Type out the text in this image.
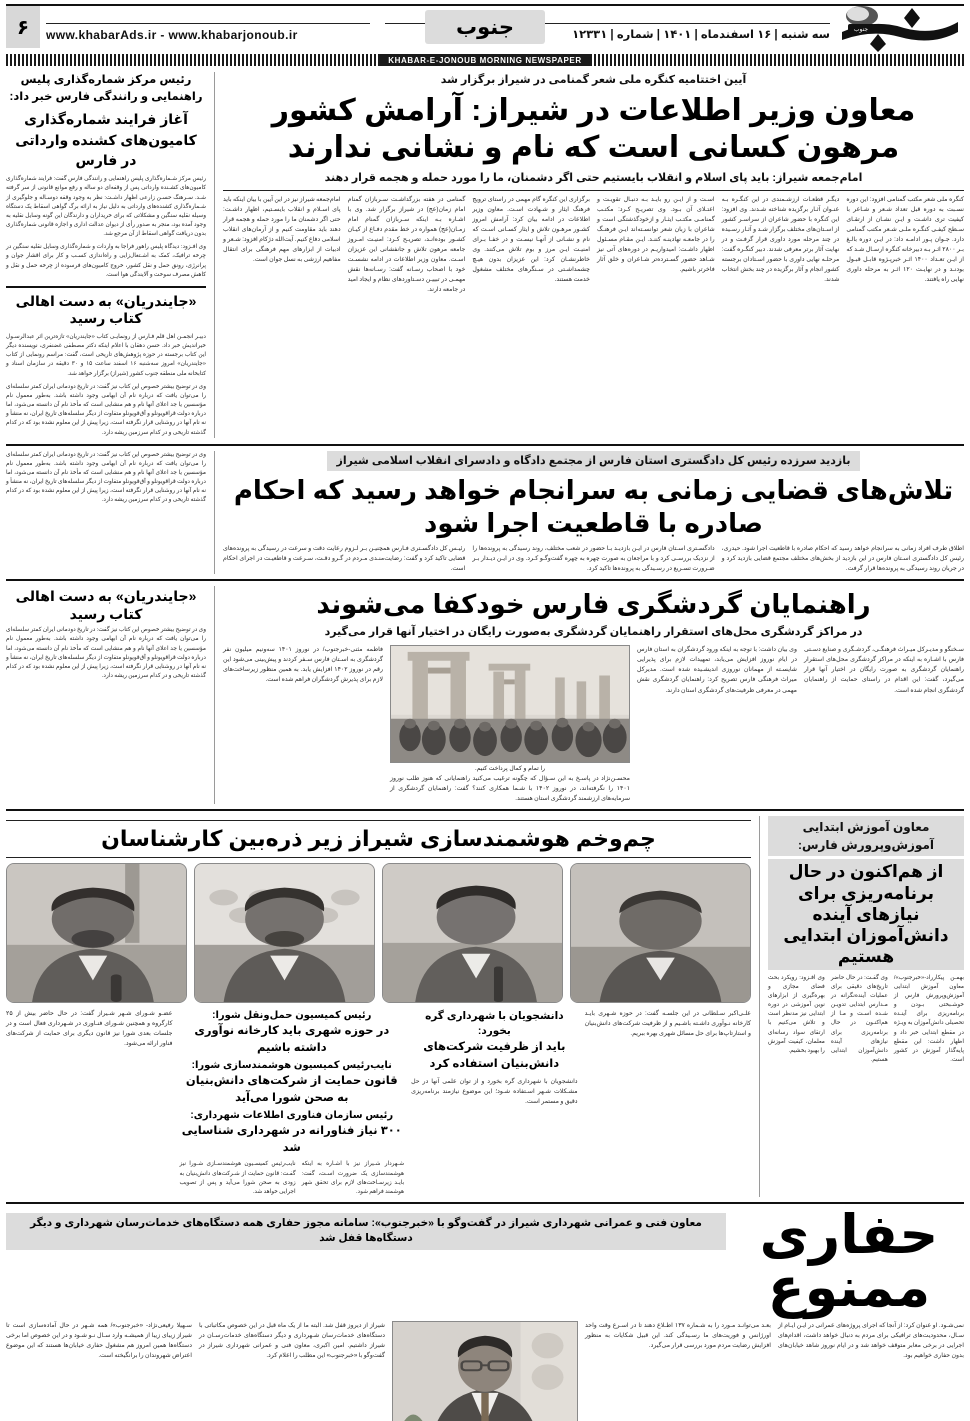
جنوب
سه شنبه | ۱۶ اسفندماه | ۱۴۰۱ | شماره | ۱۲۳۳۱
جنوب
www.khabarAds.ir - www.khabarjonoub.ir
۶
KHABAR-E-JONOUB MORNING NEWSPAPER
آیین اختتامیه کنگره ملی شعر گمنامی در شیراز برگزار شد
معاون وزیر اطلاعات در شیراز: آرامش کشور مرهون کسانی است که نام و نشانی ندارند
امام‌جمعه شیراز: باید پای اسلام و انقلاب بایستیم حتی اگر دشمنان، ما را مورد حمله و هجمه قرار دهند
کنگره ملی شعر مکتب گمنامی افزود: این دوره نسـبت به دوره قبل تعداد شـعر و شـاعر با کیفیت تری داشـت و ایـن نشـان از ارتقـای سـطح کیفـی کنگـره ملـی شـعر مکتب گمنامی دارد. جـوان پـور ادامـه داد: در ایـن دوره بالـغ بـر ۲۸۰۰ اثـر بـه دبیرخانه کنگره ارسـال شـد که از ایـن تعـداد ۱۴۰۰ اثـر خبرپـژوه قابـل قبـول بودنـد و در نهایـت ۱۲۰ اثـر به مرحله داوری نهایی راه یافتند.
دیگـر قطعـات ارزشـمندی در این کنگـره بـه عنـوان آثـار برگزیده شناخته شـدند. وی افزود: این کنگره با حضور شاعران از سراسـر کشور از اسـتان‌های مختلف برگزار شـد و آثـار رسـیده در چند مرحله مورد داوری قرار گرفـت و در نهایت آثار برتر معرفی شدند. دبیر کنگـره گفت: مرحلـه نهایی داوری با حضور اسـتادان برجسته کشور انجام و آثار برگزیده در چند بخش انتخاب شدند.
اسـت و از ایـن رو بایـد بـه دنبـال تقویـت و اعتـلای آن بـود. وی تصریـح کـرد: مکتـب گمنامـی مکتـب ایثـار و ازخودگذشتگی است و شاعران با زبان شعر توانسـته‌اند ایـن فرهنـگ را در جامعـه نهادینـه کننـد. ایـن مقـام مسـئول اظهار داشـت: امیدواریـم در دوره‌های آتی نیز شـاهد حضور گسـترده‌تر شـاعران و خلق آثار فاخرتر باشیم.
برگزاری این کنگره گام مهمی در راستای ترویج فرهنگ ایثار و شـهادت اسـت. معاون وزیر اطلاعات در ادامه بیان کرد: آرامش امروز کشـور مرهـون تلاش و ایثار کسـانی اسـت که نام و نشـانی از آنهـا نیسـت و در خفـا بـرای امنیـت ایـن مرز و بوم تلاش می‌کنند. وی خاطرنشـان کرد: این عزیزان بدون هیـچ چشمداشـتی در سـنگرهای مختلف مشغول خدمت هستند.
گمنامی در هفته بزرگداشـت سـربازان گمنام امام زمان(عج) در شیراز برگزار شد. وی با اشـاره بـه اینکه سـربازان گمنام امام زمـان(عج) همواره در خط مقدم دفـاع از کیـان کشـور بوده‌انـد، تصریـح کـرد: امنیـت امـروز جامعه مرهون تلاش و جانفشانی این عزیزان اسـت. معاون وزیر اطلاعات در ادامه نشسـت خود با اصحاب رسـانه گفت: رسـانه‌ها نقش مهمـی در تبییـن دسـتاوردهای نظام و ایجاد امید در جامعه دارند.
امام‌جمعه شیراز نیز در این آیین با بیان اینکه باید پای اسـلام و انقلاب بایسـتیم، اظهار داشـت: حتی اگر دشمنان ما را مورد حمله و هجمه قرار دهند باید مقاومت کنیم و از آرمان‌های انقلاب اسلامی دفاع کنیم. آیت‌الله دژکام افزود: شـعر و ادبیات از ابزارهای مهم فرهنگی برای انتقال مفاهیم ارزشی به نسل جوان است.
رئیس مرکز شماره‌گذاری پلیس راهنمایی و رانندگی فارس خبر داد:
آغاز فرایند شماره‌گذاری کامیون‌های کشنده وارداتی در فارس
رئیس مرکز شـماره‌گذاری پلیس راهنمایی و رانندگی فارس گفت: فرایند شماره‌گذاری کامیون‌های کشـنده وارداتی پس از وقفه‌ای دو ساله و رفع موانع قانونی از سر گرفته شـد. سـرهنگ حسـن زارعی اظهار داشـت: نظر به وجود وقفه دوسـاله و جلوگیری از شـماره‌گذاری کشنده‌های وارداتی به دلیل نیاز به ارائه برگ گواهی اسقاط یک دستگاه وسیله نقلیه سنگین و مشکلاتی که برای خریداران و دارندگان این گونه وسایل نقلیه به وجود آمده بود، منجر به صدور رأی از دیوان عدالت اداری و اجازه قانونی شماره‌گذاری بدون دریافت گواهی اسقاط از آن مرجع شد.
وی افـزود: دیدگاه پلیس راهور فراجا به واردات و شماره‌گذاری وسایل نقلیه سنگین در چرخه ترافیک، کمک به اشـتغال‌زایی و راه‌اندازی کسـب و کار برای اقشار جوان و پرانرژی، رونق حمل و نقل کشور، خروج کامیون‌های فرسوده از چرخه حمل و نقل و کاهش مصرف سوخت و آلایندگی هوا است.
«جایندریان» به دست اهالی کتاب رسید
دبیـر انجمـن اهل قلم فـارس از رونمایـی کتاب «جایندریان» تازه‌ترین اثر عبدالرسـول خیراندیش خبر داد. حسن دهقان با اعلام اینکه دکتر مصطفی غضنفری، نویسنده دیگر این کتاب برجسته در حوزه پژوهش‌های تاریخی است، گفت: مراسم رونمایی از کتاب «جایندریان» امروز سه‌شنبه ۱۶ اسفند ساعت ۱۵ و ۳۰ دقیقه در سازمان اسناد و کتابخانه ملی منطقه جنوب کشور (شیراز) برگزار خواهد شد.
وی در توضیح بیشتر خصوص این کتاب نیز گفت: در تاریخ دودمانی ایران کمتر سلسله‌ای را می‌توان یافت که درباره نام آن ابهامی وجود داشته باشد. به‌طور معمول نام مؤسسین یا جد اعلای آنها نام و هم منشایی است که مأخذ نام آن دانسته می‌شود، اما درباره دولت قراقویونلو و آق‌قویونلو متفاوت از دیگر سلسله‌های تاریخ ایران، نه منشأ و نه نام آنها در روشنایی قرار نگرفته است، زیرا پیش از این معلوم نشده بود که در کدام گذشته تاریخی و در کدام سرزمین ریشه دارد.
بازدید سرزده رئیس کل دادگستری استان فارس از مجتمع دادگاه و دادسرای انقلاب اسلامی شیراز
تلاش‌های قضایی زمانی به سرانجام خواهد رسید که احکام صادره با قاطعیت اجرا شود
اطلاق طرف افراد زمانی به سرانجام خواهد رسید که احکام صادره با قاطعیت اجرا شود. حیدری، رئیس کل دادگستری اسـتان فارس در این بازدید از بخش‌های مختلف مجتمع قضایی بازدید کرد و در جریان روند رسیدگی به پرونده‌ها قرار گرفت.
دادگسـتری اسـتان فارس در ایـن بازدیـد بـا حضور در شعب مختلف، روند رسیدگی به پرونده‌ها را از نزدیک بررسـی کرد و با مراجعان به صورت چهره به چهره گفت‌وگـو کـرد. وی در ایـن دیـدار بـر ضـرورت تسـریع در رسـیدگی به پرونده‌ها تاکید کرد.
رئیـس کل دادگسـتری فـارس همچنیـن بـر لـزوم رعایت دقت و سرعت در رسیدگی به پرونده‌های قضایی تاکید کرد و گفت: رضایت‌منـدی مـردم در گـرو دقـت، سـرعت و قاطعیـت در اجرای احکام است.
وی در توضیح بیشتر خصوص این کتاب نیز گفت: در تاریخ دودمانی ایران کمتر سلسله‌ای را می‌توان یافت که درباره نام آن ابهامی وجود داشته باشد. به‌طور معمول نام مؤسسین یا جد اعلای آنها نام و هم منشایی است که مأخذ نام آن دانسته می‌شود، اما درباره دولت قراقویونلو و آق‌قویونلو متفاوت از دیگر سلسله‌های تاریخ ایران، نه منشأ و نه نام آنها در روشنایی قرار نگرفته است، زیرا پیش از این معلوم نشده بود که در کدام گذشته تاریخی و در کدام سرزمین ریشه دارد.
راهنمایان گردشگری فارس خودکفا می‌شوند
در مراکز گردشگری محل‌های استقرار راهنمایان گردشگری به‌صورت رایگان در اختیار آنها قرار می‌گیرد
سـخنگو و مدیـرکل میـراث فرهنگـی، گردشـگری و صنایع دسـتی فارس با اشـاره به اینکه در مراکز گردشگری محل‌های استقرار راهنمایان گردشگری به صورت رایگان در اختیار آنها قرار می‌گیرد، گفت: این اقدام در راستای حمایت از راهنمایان گردشگری انجام شده است.
وی بیان داشت: با توجه به اینکه ورود گردشگران به استان فارس در ایام نوروز افزایش می‌یابد، تمهیدات لازم برای پذیرایی شایسـته از مهمانان نوروزی اندیشـیده شده است. مدیرکل میراث فرهنگی فارس تصریح کرد: راهنمایان گردشگری نقش مهمی در معرفی ظرفیت‌های گردشگری استان دارند.
را تمام و کمال پرداخت کنیم.
محسـن‌نژاد در پاسـخ به این سـؤال که چگونه ترغیب می‌کنید راهنمایانی که هنوز طلب نوروز ۱۴۰۱ را نگرفته‌اند، در نوروز ۱۴۰۲ با شـما همکاری کنند؟ گفت: راهنمایان گردشگری از سرمایه‌های ارزشمند گردشگری استان هستند.
فاطمه مثنی‌-خبرجنوب/ در نوروز ۱۴۰۱ سه‌ونیم میلیون نفر گردشگری به اسـتان فارس سـفر کردند و پیش‌بینی می‌شود این رقم در نوروز ۱۴۰۲ افزایش یابد. به همین منظور زیرساخت‌های لازم برای پذیرش گردشگران فراهم شده است.
«جایندریان» به دست اهالی کتاب رسید
وی در توضیح بیشتر خصوص این کتاب نیز گفت: در تاریخ دودمانی ایران کمتر سلسله‌ای را می‌توان یافت که درباره نام آن ابهامی وجود داشته باشد. به‌طور معمول نام مؤسسین یا جد اعلای آنها نام و هم منشایی است که مأخذ نام آن دانسته می‌شود، اما درباره دولت قراقویونلو و آق‌قویونلو متفاوت از دیگر سلسله‌های تاریخ ایران، نه منشأ و نه نام آنها در روشنایی قرار نگرفته است، زیرا پیش از این معلوم نشده بود که در کدام گذشته تاریخی و در کدام سرزمین ریشه دارد.
معاون آموزش ابتدایی آموزش‌وپرورش فارس:
از هم‌اکنون در حال برنامه‌ریزی برای نیازهای آینده دانش‌آموزان ابتدایی هستیم
بهمـن پیکارراد-«خبرجنوب»/معاون آموزش ابتدایی آموزش‌وپرورش فارس از خوشـبختی بـودن و برنامه‌ریزی برای آینـده تحصیلی دانش‌آموزان به ویـژه در مقطع ابتدایی خبر داد و اظهار داشت: این مقطع پایه‌گذار آموزش در کشور است.
وی گفـت: در حال حاضر تاریخ‌های دقیقی برای عملیات آینده‌نگرانه در مـدارس ابتدایی تدویـن شـده اسـت و مـا از هم‌اکنـون در حال برنامه‌ریزی برای نیازهای آینده دانش‌آموزان ابتدایی هستیم.
وی افـزود: رویکرد بحث فضای مجازی و بهره‌گیری از ابزارهای نوین آموزشی در دوره ابتدایی نیز مدنظر است و تلاش می‌کنیم با ارتقای سواد رسانه‌ای معلمان، کیفیت آموزش را بهبود بخشیم.
چم‌وخم هوشمندسازی شیراز زیر ذره‌بین کارشناسان
علـی‌اکبر سـلطانی در این جلسـه گفت: در حوزه شـهری بایـد کارخانه نـوآوری داشـته باشـیم و از ظرفیت شرکت‌های دانش‌بنیان و استارتاپ‌ها برای حل مسائل شهری بهره ببریم.
دانشجویان با شهرداری گره بخورد:
باید از ظرفیت شرکت‌های دانش‌بنیان استفاده کرد
دانشجویان با شهرداری گره بخورد و از توان علمی آنها در حل مشـکلات شـهر اسـتفاده شـود؛ این موضوع نیازمند برنامه‌ریزی دقیق و مستمر است.
رئیس کمیسیون حمل‌ونقل شورا:
در حوزه شهری باید کارخانه نوآوری داشته باشیم
نایب‌رئیس کمیسیون هوشمندسازی شورا:
قانون حمایت از شرکت‌های دانش‌بنیان به صحن شورا می‌آید
رئیس سازمان فناوری اطلاعات شهرداری:
۳۰۰ نیاز فناورانه در شهرداری شناسایی شد
شـهردار شـیراز نیز با اشـاره به اینکه هوشمندسازی یک ضرورت اسـت، گفت: بایـد زیرسـاخت‌های لازم برای تحقق شهر هوشمند فراهم شود.
نایب‌رئیس کمیسـیون هوشمندسـازی شـورا نیز گفـت: قانون حمایت از شـرکت‌های دانش‌بنیان به زودی به صحن شورا می‌آید و پس از تصویب اجرایی خواهد شد.
عضـو شـورای شـهر شـیراز گفت: در حال حاضر بیش از ۲۵ کارگروه و همچنین شـورای فنـاوری در شـهرداری فعال است و در جلسات بعدی شورا نیز قانون دیگری برای حمایت از شرکت‌های فناور ارائه می‌شود.
حفاری ممنوع
معاون فنی و عمرانی شهرداری شیراز در گفت‌وگو با «خبرجنوب»: سامانه مجوز حفاری همه دستگاه‌های خدمات‌رسان شهرداری و دیگر دستگاه‌ها قفل شد
نمی‌شـود. او عنوان کرد: از آنجا که اجرای پروژه‌های عمرانی در ایـن ایـام از سـال، محدودیت‌های ترافیکی برای مردم به دنبال خواهد داشت، اقدام‌های اجرایی در برخی معابر متوقف خواهد شد و در ایام نوروز شاهد خیابان‌های بدون حفاری خواهیم بود.
بعـد می‌توانـد مـورد را به شـماره ۱۳۷ اطـلاع دهند تا در اسـرع وقت واحد اورژانس و فوریت‌های ما رسـیدگی کند. این قبیل شکایات به منظور افزایش رضایت مردم مورد بررسی قرار می‌گیرد.
شیراز از دیروز قفل شد. البته ما از یک ماه قبل در این خصوص مکاتباتی با دستگاه‌های خدمات‌رسان شـهرداری و دیگر دستگاه‌های خدمات‌رسـان در شیراز داشتیم. امین اکبری، معاون فنی و عمرانی شهرداری شیراز در گفت‌وگو با «خبرجنوب» این مطلب را اعلام کرد.
سـهیلا رفیعی‌نژاد- «خبرجنوب»/ همه شـهر در حال آماده‌سازی است تا شیراز زیبای زیبا از همیشـه وارد سـال نـو شـود و در این خصوص اما برخی دستگاه‌ها همین امروز هم مشغول حفاری خیابان‌ها هستند که این موضوع اعتراض شهروندان را برانگیخته است.
